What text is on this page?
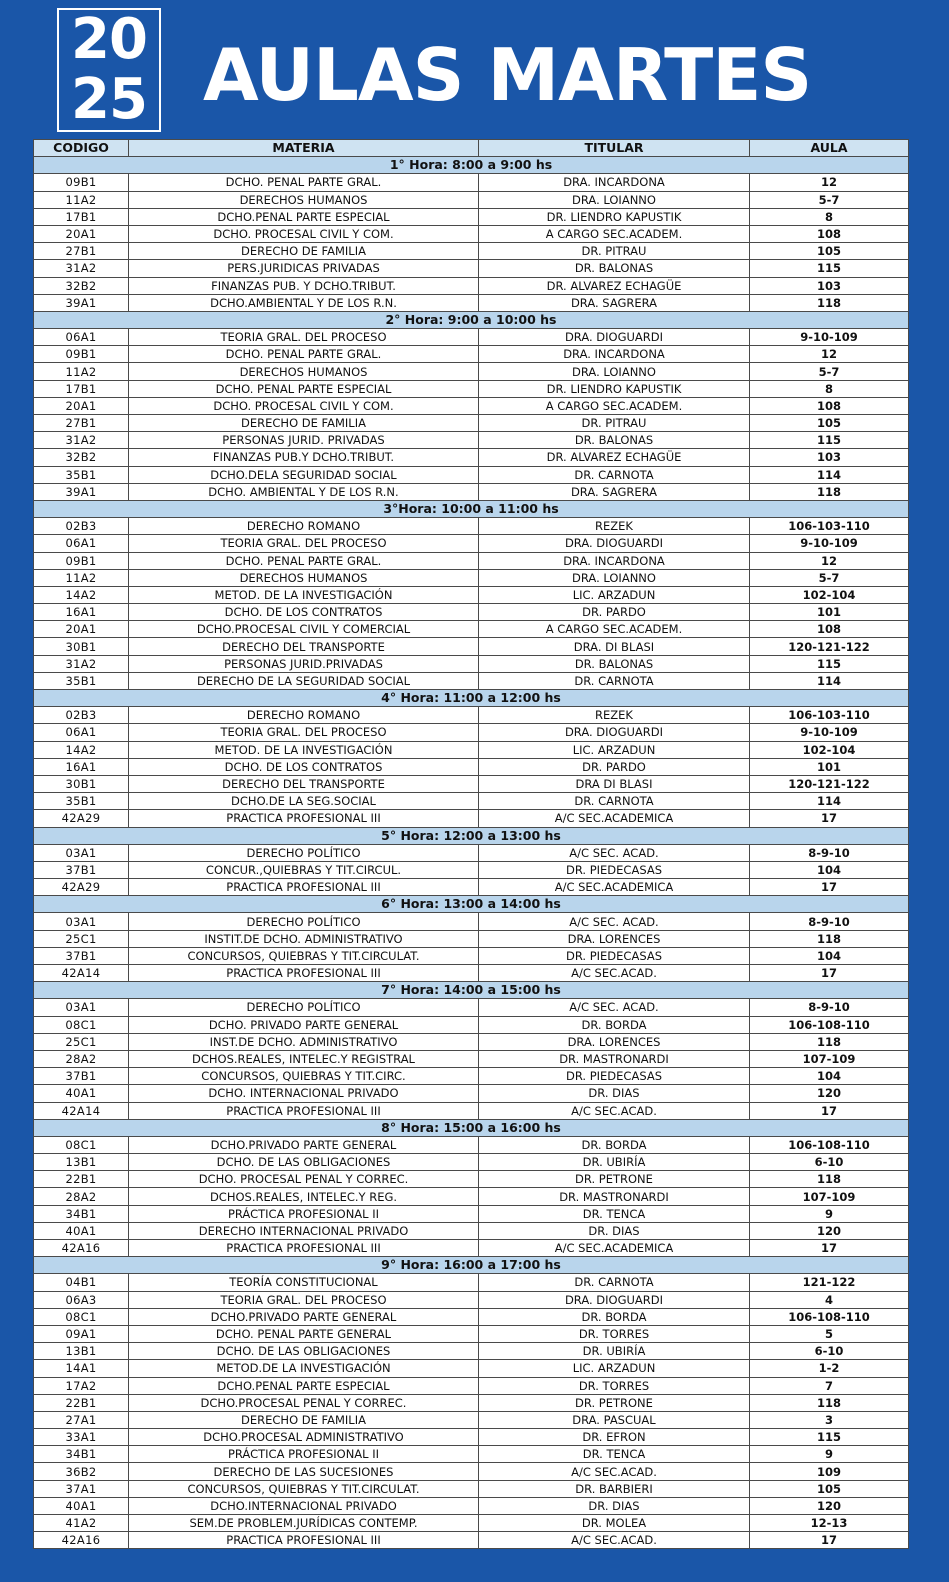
20
25 AULAS MARTES
CODIGO	MATERIA	TITULAR	AULA
1° Hora: 8:00 a 9:00 hs			
09B1	DCHO. PENAL PARTE GRAL.	DRA. INCARDONA	12
11A2	DERECHOS HUMANOS	DRA. LOIANNO	5-7
17B1	DCHO.PENAL PARTE ESPECIAL	DR. LIENDRO KAPUSTIK	8
20A1	DCHO. PROCESAL CIVIL Y COM.	A CARGO SEC.ACADEM.	108
27B1	DERECHO DE FAMILIA	DR. PITRAU	105
31A2	PERS.JURIDICAS PRIVADAS	DR. BALONAS	115
32B2	FINANZAS PUB. Y DCHO.TRIBUT.	DR. ALVAREZ ECHAGÜE	103
39A1	DCHO.AMBIENTAL Y DE LOS R.N.	DRA. SAGRERA	118
2° Hora: 9:00 a 10:00 hs			
06A1	TEORIA GRAL. DEL PROCESO	DRA. DIOGUARDI	9-10-109
09B1	DCHO. PENAL PARTE GRAL.	DRA. INCARDONA	12
11A2	DERECHOS HUMANOS	DRA. LOIANNO	5-7
17B1	DCHO. PENAL PARTE ESPECIAL	DR. LIENDRO KAPUSTIK	8
20A1	DCHO. PROCESAL CIVIL Y COM.	A CARGO SEC.ACADEM.	108
27B1	DERECHO DE FAMILIA	DR. PITRAU	105
31A2	PERSONAS JURID. PRIVADAS	DR. BALONAS	115
32B2	FINANZAS PUB.Y DCHO.TRIBUT.	DR. ALVAREZ ECHAGÜE	103
35B1	DCHO.DELA SEGURIDAD SOCIAL	DR. CARNOTA	114
39A1	DCHO. AMBIENTAL Y DE LOS R.N.	DRA. SAGRERA	118
3°Hora: 10:00 a 11:00 hs			
02B3	DERECHO ROMANO	REZEK	106-103-110
06A1	TEORIA GRAL. DEL PROCESO	DRA. DIOGUARDI	9-10-109
09B1	DCHO. PENAL PARTE GRAL.	DRA. INCARDONA	12
11A2	DERECHOS HUMANOS	DRA. LOIANNO	5-7
14A2	METOD. DE LA INVESTIGACIÓN	LIC. ARZADUN	102-104
16A1	DCHO. DE LOS CONTRATOS	DR. PARDO	101
20A1	DCHO.PROCESAL CIVIL Y COMERCIAL	A CARGO SEC.ACADEM.	108
30B1	DERECHO DEL TRANSPORTE	DRA. DI BLASI	120-121-122
31A2	PERSONAS JURID.PRIVADAS	DR. BALONAS	115
35B1	DERECHO DE LA SEGURIDAD SOCIAL	DR. CARNOTA	114
4° Hora: 11:00 a 12:00 hs			
02B3	DERECHO ROMANO	REZEK	106-103-110
06A1	TEORIA GRAL. DEL PROCESO	DRA. DIOGUARDI	9-10-109
14A2	METOD. DE LA INVESTIGACIÓN	LIC. ARZADUN	102-104
16A1	DCHO. DE LOS CONTRATOS	DR. PARDO	101
30B1	DERECHO DEL TRANSPORTE	DRA DI BLASI	120-121-122
35B1	DCHO.DE LA SEG.SOCIAL	DR. CARNOTA	114
42A29	PRACTICA PROFESIONAL III	A/C SEC.ACADEMICA	17
5° Hora: 12:00 a 13:00 hs			
03A1	DERECHO POLÍTICO	A/C SEC. ACAD.	8-9-10
37B1	CONCUR.,QUIEBRAS Y TIT.CIRCUL.	DR. PIEDECASAS	104
42A29	PRACTICA PROFESIONAL III	A/C SEC.ACADEMICA	17
6° Hora: 13:00 a 14:00 hs			
03A1	DERECHO POLÍTICO	A/C SEC. ACAD.	8-9-10
25C1	INSTIT.DE DCHO. ADMINISTRATIVO	DRA. LORENCES	118
37B1	CONCURSOS, QUIEBRAS Y TIT.CIRCULAT.	DR. PIEDECASAS	104
42A14	PRACTICA PROFESIONAL III	A/C SEC.ACAD.	17
7° Hora: 14:00 a 15:00 hs			
03A1	DERECHO POLÍTICO	A/C SEC. ACAD.	8-9-10
08C1	DCHO. PRIVADO PARTE GENERAL	DR. BORDA	106-108-110
25C1	INST.DE DCHO. ADMINISTRATIVO	DRA. LORENCES	118
28A2	DCHOS.REALES, INTELEC.Y REGISTRAL	DR. MASTRONARDI	107-109
37B1	CONCURSOS, QUIEBRAS Y TIT.CIRC.	DR. PIEDECASAS	104
40A1	DCHO. INTERNACIONAL PRIVADO	DR. DIAS	120
42A14	PRACTICA PROFESIONAL III	A/C SEC.ACAD.	17
8° Hora: 15:00 a 16:00 hs			
08C1	DCHO.PRIVADO PARTE GENERAL	DR. BORDA	106-108-110
13B1	DCHO. DE LAS OBLIGACIONES	DR. UBIRÍA	6-10
22B1	DCHO. PROCESAL PENAL Y CORREC.	DR. PETRONE	118
28A2	DCHOS.REALES, INTELEC.Y REG.	DR. MASTRONARDI	107-109
34B1	PRÁCTICA PROFESIONAL II	DR. TENCA	9
40A1	DERECHO INTERNACIONAL PRIVADO	DR. DIAS	120
42A16	PRACTICA PROFESIONAL III	A/C SEC.ACADEMICA	17
9° Hora: 16:00 a 17:00 hs			
04B1	TEORÍA CONSTITUCIONAL	DR. CARNOTA	121-122
06A3	TEORIA GRAL. DEL PROCESO	DRA. DIOGUARDI	4
08C1	DCHO.PRIVADO PARTE GENERAL	DR. BORDA	106-108-110
09A1	DCHO. PENAL PARTE GENERAL	DR. TORRES	5
13B1	DCHO. DE LAS OBLIGACIONES	DR. UBIRÍA	6-10
14A1	METOD.DE LA INVESTIGACIÓN	LIC. ARZADUN	1-2
17A2	DCHO.PENAL PARTE ESPECIAL	DR. TORRES	7
22B1	DCHO.PROCESAL PENAL Y CORREC.	DR. PETRONE	118
27A1	DERECHO DE FAMILIA	DRA. PASCUAL	3
33A1	DCHO.PROCESAL ADMINISTRATIVO	DR. EFRON	115
34B1	PRÁCTICA PROFESIONAL II	DR. TENCA	9
36B2	DERECHO DE LAS SUCESIONES	A/C SEC.ACAD.	109
37A1	CONCURSOS, QUIEBRAS Y TIT.CIRCULAT.	DR. BARBIERI	105
40A1	DCHO.INTERNACIONAL PRIVADO	DR. DIAS	120
41A2	SEM.DE PROBLEM.JURÍDICAS CONTEMP.	DR. MOLEA	12-13
42A16	PRACTICA PROFESIONAL III	A/C SEC.ACAD.	17
